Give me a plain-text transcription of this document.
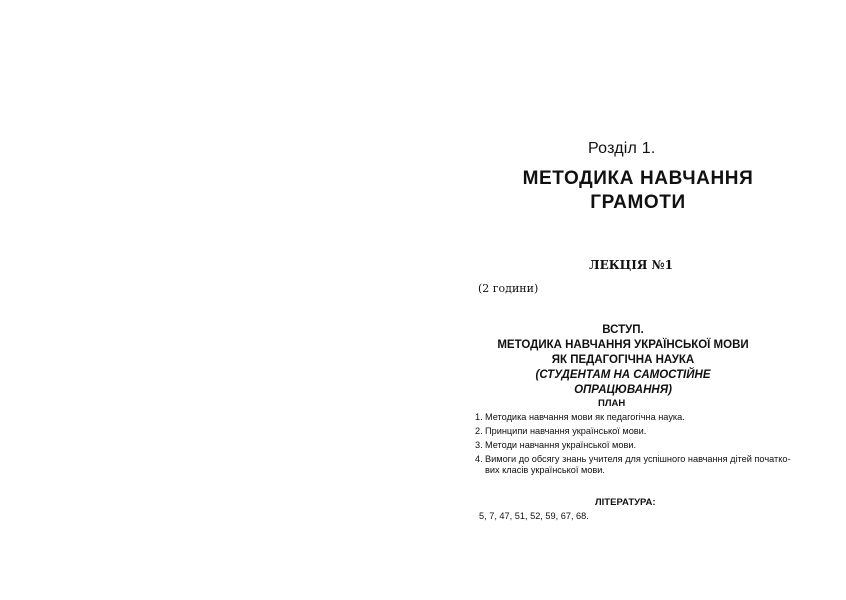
Розділ 1.
МЕТОДИКА НАВЧАННЯ
ГРАМОТИ
ЛЕКЦІЯ №1
(2 години)
ВСТУП.
МЕТОДИКА НАВЧАННЯ УКРАЇНСЬКОЇ МОВИ
ЯК ПЕДАГОГІЧНА НАУКА
(СТУДЕНТАМ НА САМОСТІЙНЕ ОПРАЦЮВАННЯ)
ПЛАН
1. Методика навчання мови як педагогічна наука.
2. Принципи навчання української мови.
3. Методи навчання української мови.
4. Вимоги до обсягу знань учителя для успішного навчання дітей початко-
вих класів української мови.
ЛІТЕРАТУРА:
5, 7, 47, 51, 52, 59, 67, 68.
